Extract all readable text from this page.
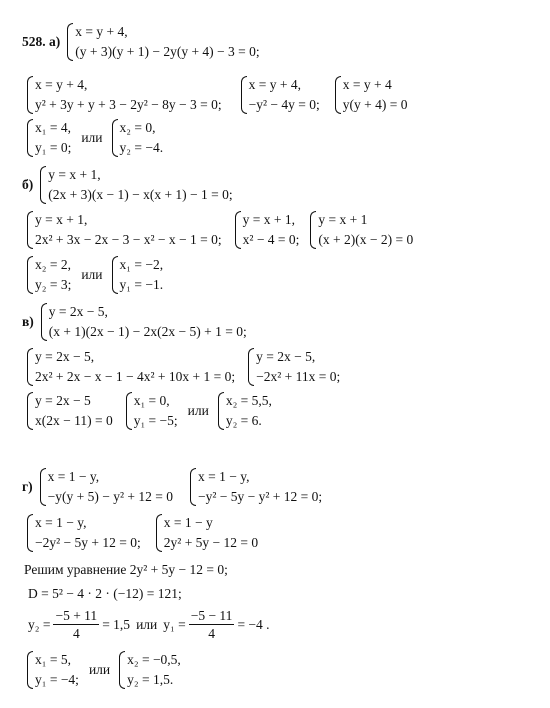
528. а)
x = y + 4,
(y + 3)(y + 1) − 2y(y + 4) − 3 = 0;
x = y + 4,
y² + 3y + y + 3 − 2y² − 8y − 3 = 0;
x = y + 4,
−y² − 4y = 0;
x = y + 4
y(y + 4) = 0
x₁ = 4,
y₁ = 0;
или
x₂ = 0,
y₂ = −4.
б)
y = x + 1,
(2x + 3)(x − 1) − x(x + 1) − 1 = 0;
y = x + 1,
2x² + 3x − 2x − 3 − x² − x − 1 = 0;
y = x + 1,
x² − 4 = 0;
y = x + 1
(x + 2)(x − 2) = 0
x₂ = 2,
y₂ = 3;
или
x₁ = −2,
y₁ = −1.
в)
y = 2x − 5,
(x + 1)(2x − 1) − 2x(2x − 5) + 1 = 0;
y = 2x − 5,
2x² + 2x − x − 1 − 4x² + 10x + 1 = 0;
y = 2x − 5,
−2x² + 11x = 0;
y = 2x − 5
x(2x − 11) = 0
x₁ = 0,
y₁ = −5;
или
x₂ = 5,5,
y₂ = 6.
г)
x = 1 − y,
−y(y + 5) − y² + 12 = 0
x = 1 − y,
−y² − 5y − y² + 12 = 0;
x = 1 − y,
−2y² − 5y + 12 = 0;
x = 1 − y
2y² + 5y − 12 = 0
Решим уравнение 2y² + 5y − 12 = 0;
D = 5² − 4 · 2 · (−12) = 121;
$y_2 = \frac{-5 + 11}{4} = 1,5$ или $y_1 = \frac{-5 - 11}{4} = -4$ .
x₁ = 5,
y₁ = −4;
или
x₂ = −0,5,
y₂ = 1,5.
